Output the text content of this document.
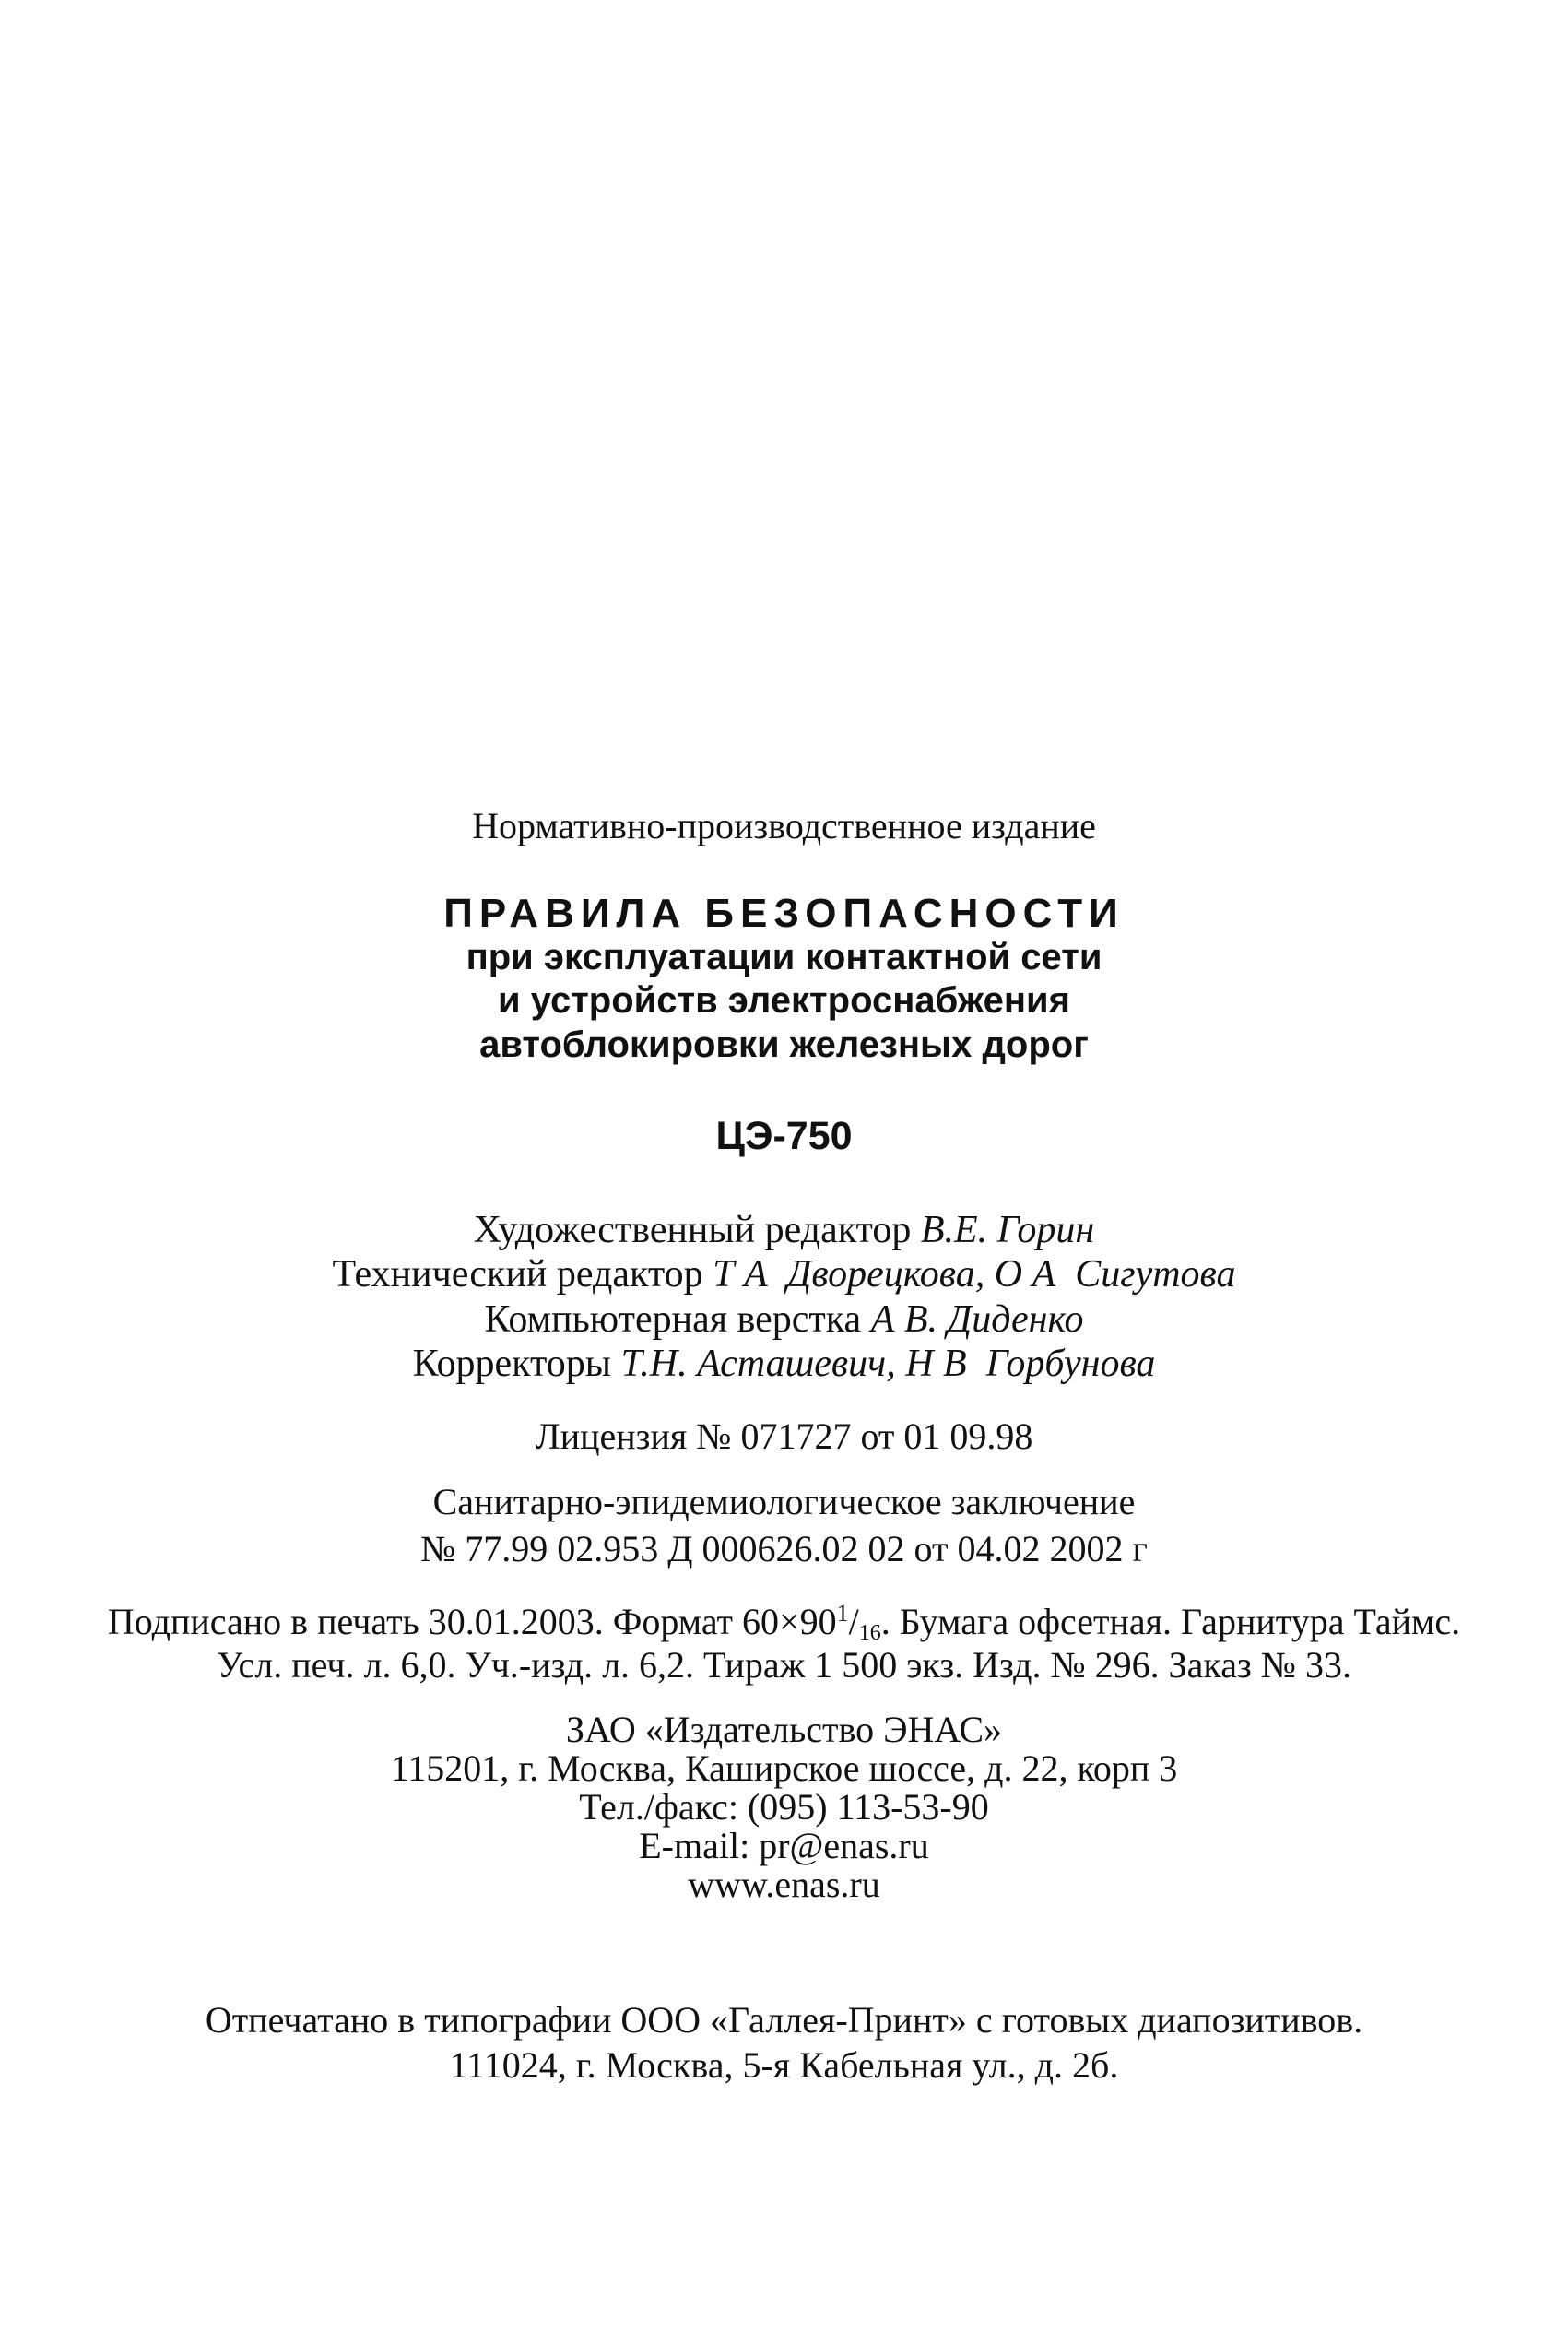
Нормативно-производственное издание
ПРАВИЛА БЕЗОПАСНОСТИ
при эксплуатации контактной сети
и устройств электроснабжения
автоблокировки железных дорог
ЦЭ-750
Художественный редактор В.Е. Горин
Технический редактор Т А  Дворецкова, О А  Сигутова
Компьютерная верстка А В. Диденко
Корректоры Т.Н. Асташевич, Н В  Горбунова
Лицензия № 071727 от 01 09.98
Санитарно-эпидемиологическое заключение
№ 77.99 02.953 Д 000626.02 02 от 04.02 2002 г
Подписано в печать 30.01.2003. Формат $60\times 90^1/16$. Бумага офсетная. Гарнитура Таймс.
Усл. печ. л. 6,0. Уч.-изд. л. 6,2. Тираж 1 500 экз. Изд. № 296. Заказ № 33.
ЗАО «Издательство ЭНАС»
115201, г. Москва, Каширское шоссе, д. 22, корп 3
Тел./факс: (095) 113-53-90
E-mail: pr@enas.ru
www.enas.ru
Отпечатано в типографии ООО «Галлея-Принт» с готовых диапозитивов.
111024, г. Москва, 5-я Кабельная ул., д. 2б.
